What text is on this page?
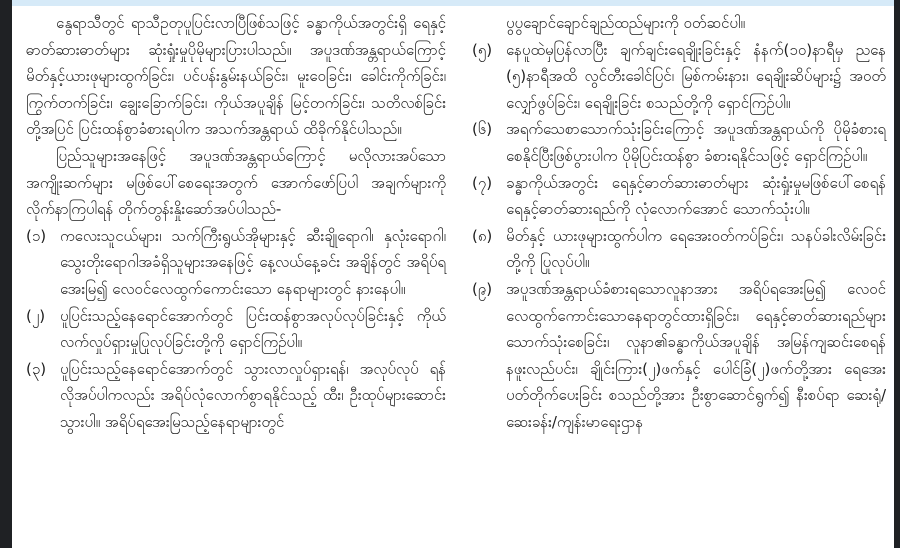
နွေရာသီတွင် ရာသီဥတုပူပြင်းလာပြီဖြစ်သဖြင့် ခန္ဓာကိုယ်အတွင်းရှိ ရေနှင့် ဓာတ်ဆားဓာတ်များ ဆုံးရှုံးမှုပိုမိုများပြားပါသည်။ အပူဒဏ်အန္တရာယ်ကြောင့် မိတ်နှင့်ယားဖုများထွက်ခြင်း၊ ပင်ပန်းနွမ်းနယ်ခြင်း၊ မူးဝေခြင်း၊ ခေါင်းကိုက်ခြင်း၊ ကြွက်တက်ခြင်း၊ ချွေးခြောက်ခြင်း၊ ကိုယ်အပူချိန် မြင့်တက်ခြင်း၊ သတိလစ်ခြင်းတို့အပြင် ပြင်းထန်စွာခံစားရပါက အသက်အန္တရာယ် ထိခိုက်နိုင်ပါသည်။

ပြည်သူများအနေဖြင့် အပူဒဏ်အန္တရာယ်ကြောင့် မလိုလားအပ်သော အကျိုးဆက်များ မဖြစ်ပေါ်စေရေးအတွက် အောက်ဖော်ပြပါ အချက်များကို လိုက်နာကြပါရန် တိုက်တွန်းနှိုးဆော်အပ်ပါသည်-

(၁) ကလေးသူငယ်များ၊ သက်ကြီးရွယ်အိုများနှင့် ဆီးချိုရောဂါ၊ နှလုံးရောဂါ၊ သွေးတိုးရောဂါအခံရှိသူများအနေဖြင့် နေ့လယ်နေ့ခင်း အချိန်တွင် အရိပ်ရအေးမြ၍ လေဝင်လေထွက်ကောင်းသော နေရာများတွင် နားနေပါ။
(၂) ပူပြင်းသည့်နေရောင်အောက်တွင် ပြင်းထန်စွာအလုပ်လုပ်ခြင်းနှင့် ကိုယ်လက်လှုပ်ရှားမှုပြုလုပ်ခြင်းတို့ကို ရှောင်ကြဉ်ပါ။
(၃) ပူပြင်းသည့်နေရောင်အောက်တွင် သွားလာလှုပ်ရှားရန်၊ အလုပ်လုပ် ရန် လိုအပ်ပါကလည်း အရိပ်လုံလောက်စွာရနိုင်သည့် ထီး၊ ဦးထုပ်များဆောင်းသွားပါ။ အရိပ်ရအေးမြသည့်နေရာများတွင်

ပွပွချောင်ချောင်ချည်ထည်များကို ဝတ်ဆင်ပါ။

(၅) နေပူထဲမှပြန်လာပြီး ချက်ချင်းရေချိုးခြင်းနှင့် နံနက်(၁၀)နာရီမှ ညနေ (၅)နာရီအထိ လွင်တီးခေါင်ပြင်၊ မြစ်ကမ်းနား၊ ရေချိုးဆိပ်များ၌ အဝတ်လျှော်ဖွပ်ခြင်း၊ ရေချိုးခြင်း စသည်တို့ကို ရှောင်ကြဉ်ပါ။
(၆) အရက်သေစာသောက်သုံးခြင်းကြောင့် အပူဒဏ်အန္တရာယ်ကို ပိုမိုခံစားရစေနိုင်ပြီးဖြစ်ပွားပါက ပိုမိုပြင်းထန်စွာ ခံစားရနိုင်သဖြင့် ရှောင်ကြဉ်ပါ။
(၇) ခန္ဓာကိုယ်အတွင်း ရေနှင့်ဓာတ်ဆားဓာတ်များ ဆုံးရှုံးမှုမဖြစ်ပေါ်စေရန် ရေနှင့်ဓာတ်ဆားရည်ကို လုံလောက်အောင် သောက်သုံးပါ။
(၈) မိတ်နှင့် ယားဖုများထွက်ပါက ရေအေးဝတ်ကပ်ခြင်း၊ သနပ်ခါးလိမ်းခြင်းတို့ကို ပြုလုပ်ပါ။
(၉) အပူဒဏ်အန္တရာယ်ခံစားရသောလူနာအား အရိပ်ရအေးမြ၍ လေဝင် လေထွက်ကောင်းသောနေရာတွင်ထားရှိခြင်း၊ ရေနှင့်ဓာတ်ဆားရည်များသောက်သုံးစေခြင်း၊ လူနာ၏ခန္ဓာကိုယ်အပူချိန် အမြန်ကျဆင်းစေရန် နဖူးလည်ပင်း၊ ချိုင်းကြား(၂)ဖက်နှင့် ပေါင်ခြံ(၂)ဖက်တို့အား ရေအေးပတ်တိုက်ပေးခြင်း စသည်တို့အား ဦးစွာဆောင်ရွက်၍ နီးစပ်ရာ ဆေးရုံ/ဆေးခန်း/ကျန်းမာရေးဌာန
